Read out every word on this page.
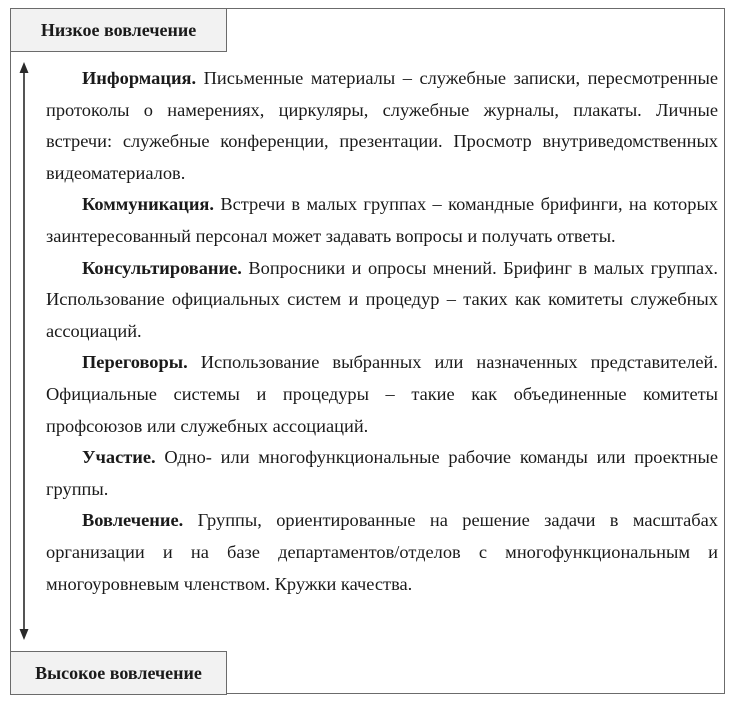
Низкое вовлечение

Информация. Письменные материалы – служебные записки, пересмотренные протоколы о намерениях, циркуляры, служебные журналы, плакаты. Личные встречи: служебные конференции, презентации. Просмотр внутриведомственных видеоматериалов.

Коммуникация. Встречи в малых группах – командные брифинги, на которых заинтересованный персонал может задавать вопросы и получать ответы.

Консультирование. Вопросники и опросы мнений. Брифинг в малых группах. Использование официальных систем и процедур – таких как комитеты служебных ассоциаций.

Переговоры. Использование выбранных или назначенных представителей. Официальные системы и процедуры – такие как объединенные комитеты профсоюзов или служебных ассоциаций.

Участие. Одно- или многофункциональные рабочие команды или проектные группы.

Вовлечение. Группы, ориентированные на решение задачи в масштабах организации и на базе департаментов/отделов с многофункциональным и многоуровневым членством. Кружки качества.

Высокое вовлечение
